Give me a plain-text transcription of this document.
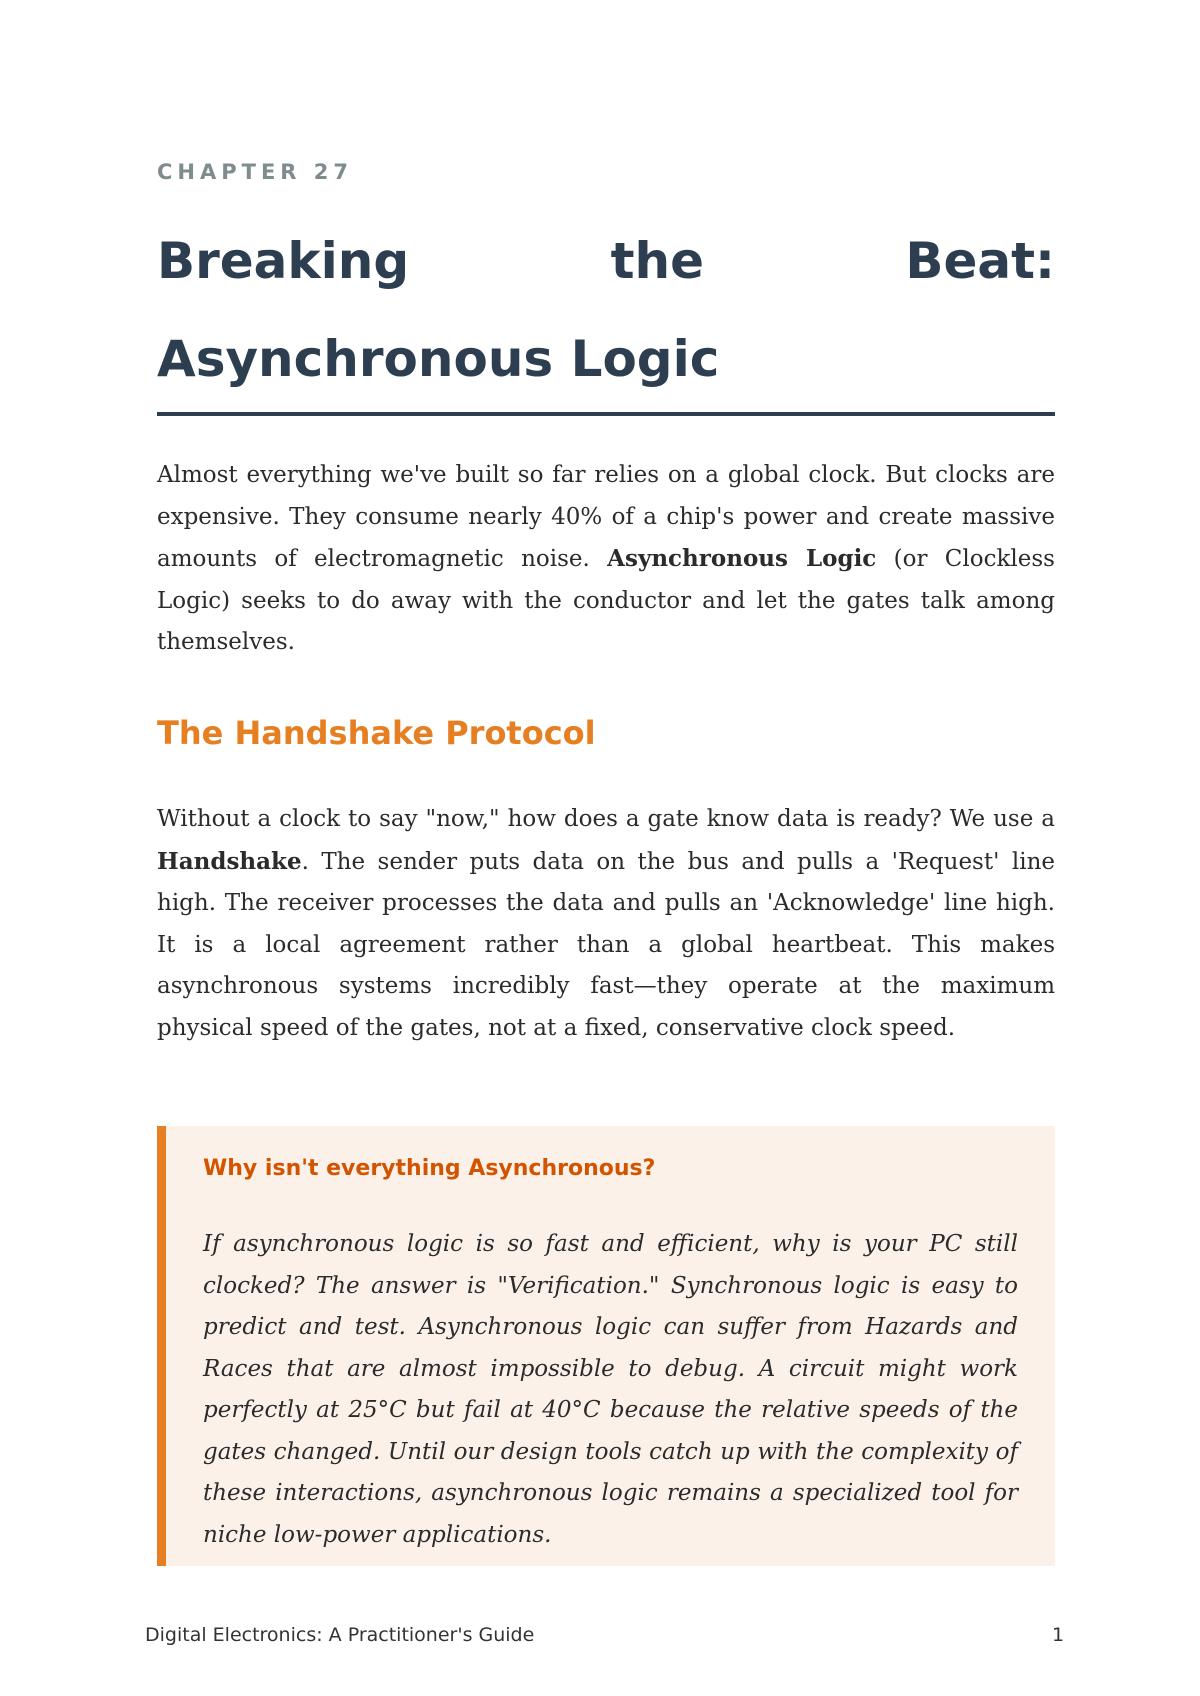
CHAPTER 27
Breaking the Beat:
Asynchronous Logic

Almost everything we've built so far relies on a global clock. But clocks are expensive. They consume nearly 40% of a chip's power and create massive amounts of electromagnetic noise. Asynchronous Logic (or Clockless Logic) seeks to do away with the conductor and let the gates talk among themselves.

The Handshake Protocol

Without a clock to say "now," how does a gate know data is ready? We use a Handshake. The sender puts data on the bus and pulls a 'Request' line high. The receiver processes the data and pulls an 'Acknowledge' line high. It is a local agreement rather than a global heartbeat. This makes asynchronous systems incredibly fast—they operate at the maximum physical speed of the gates, not at a fixed, conservative clock speed.

Why isn't everything Asynchronous?

If asynchronous logic is so fast and efficient, why is your PC still clocked? The answer is "Verification." Synchronous logic is easy to predict and test. Asynchronous logic can suffer from Hazards and Races that are almost impossible to debug. A circuit might work perfectly at 25°C but fail at 40°C because the relative speeds of the gates changed. Until our design tools catch up with the complexity of these interactions, asynchronous logic remains a specialized tool for niche low-power applications.

Digital Electronics: A Practitioner's Guide	1
